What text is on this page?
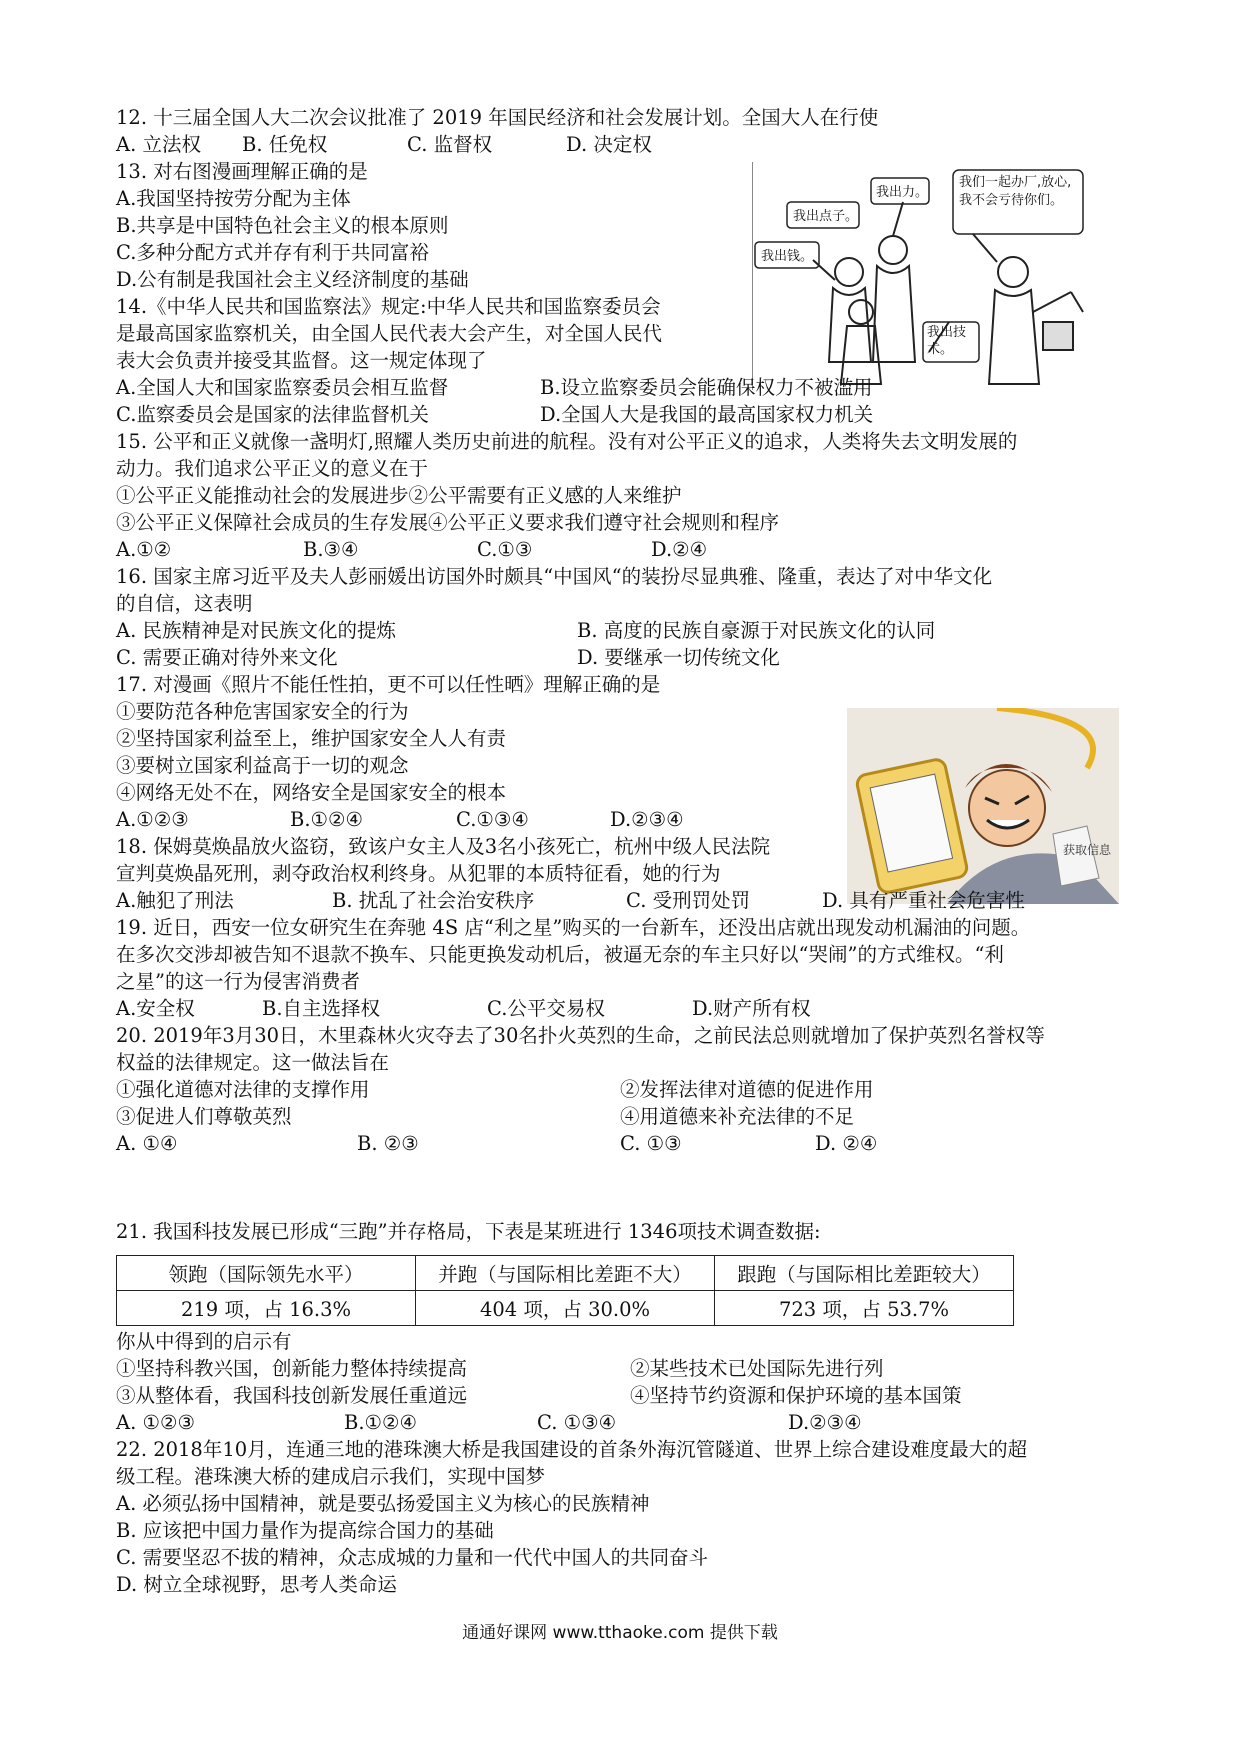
12. 十三届全国人大二次会议批准了 2019 年国民经济和社会发展计划。全国大人在行使
A. 立法权 B. 任免权	C. 监督权	D. 决定权
13. 对右图漫画理解正确的是
A.我国坚持按劳分配为主体
B.共享是中国特色社会主义的根本原则
C.多种分配方式并存有利于共同富裕
D.公有制是我国社会主义经济制度的基础
我出点子。
我出力。
我们一起办厂,放心,我不会亏待你们。
我出钱。
我出技术。
14.《中华人民共和国监察法》规定:中华人民共和国监察委员会
是最高国家监察机关，由全国人民代表大会产生，对全国人民代
表大会负责并接受其监督。这一规定体现了
A.全国人大和国家监察委员会相互监督	B.设立监察委员会能确保权力不被滥用
C.监察委员会是国家的法律监督机关	D.全国人大是我国的最高国家权力机关
15. 公平和正义就像一盏明灯,照耀人类历史前进的航程。没有对公平正义的追求，人类将失去文明发展的
动力。我们追求公平正义的意义在于
①公平正义能推动社会的发展进步②公平需要有正义感的人来维护
③公平正义保障社会成员的生存发展④公平正义要求我们遵守社会规则和程序
A.①②	B.③④	C.①③	D.②④
16. 国家主席习近平及夫人彭丽媛出访国外时颇具“中国风“的装扮尽显典雅、隆重，表达了对中华文化
的自信，这表明
A. 民族精神是对民族文化的提炼	B. 高度的民族自豪源于对民族文化的认同
C. 需要正确对待外来文化	D. 要继承一切传统文化
17. 对漫画《照片不能任性拍，更不可以任性晒》理解正确的是
①要防范各种危害国家安全的行为
②坚持国家利益至上，维护国家安全人人有责
③要树立国家利益高于一切的观念
④网络无处不在，网络安全是国家安全的根本
A.①②③	B.①②④	C.①③④	D.②③④
获取信息
18. 保姆莫焕晶放火盗窃，致该户女主人及3名小孩死亡，杭州中级人民法院
宣判莫焕晶死刑，剥夺政治权利终身。从犯罪的本质特征看，她的行为
A.触犯了刑法	B. 扰乱了社会治安秩序	C. 受刑罚处罚	D. 具有严重社会危害性
19. 近日，西安一位女研究生在奔驰 4S 店“利之星”购买的一台新车，还没出店就出现发动机漏油的问题。
在多次交涉却被告知不退款不换车、只能更换发动机后，被逼无奈的车主只好以“哭闹”的方式维权。“利
之星”的这一行为侵害消费者
A.安全权	B.自主选择权	C.公平交易权	D.财产所有权
20. 2019年3月30日，木里森林火灾夺去了30名扑火英烈的生命，之前民法总则就增加了保护英烈名誉权等
权益的法律规定。这一做法旨在
①强化道德对法律的支撑作用	②发挥法律对道德的促进作用
③促进人们尊敬英烈	④用道德来补充法律的不足
A. ①④	B. ②③	C. ①③	D. ②④
21. 我国科技发展已形成“三跑”并存格局，下表是某班进行 1346项技术调查数据:
领跑（国际领先水平）	并跑（与国际相比差距不大）	跟跑（与国际相比差距较大）
219 项，占 16.3%	404 项，占 30.0%	723 项，占 53.7%
你从中得到的启示有
①坚持科教兴国，创新能力整体持续提高	②某些技术已处国际先进行列
③从整体看，我国科技创新发展任重道远	④坚持节约资源和保护环境的基本国策
A. ①②③	B.①②④	C. ①③④	D.②③④
22. 2018年10月，连通三地的港珠澳大桥是我国建设的首条外海沉管隧道、世界上综合建设难度最大的超
级工程。港珠澳大桥的建成启示我们，实现中国梦
A. 必须弘扬中国精神，就是要弘扬爱国主义为核心的民族精神
B. 应该把中国力量作为提高综合国力的基础
C. 需要坚忍不拔的精神，众志成城的力量和一代代中国人的共同奋斗
D. 树立全球视野，思考人类命运
通通好课网 www.tthaoke.com 提供下载
